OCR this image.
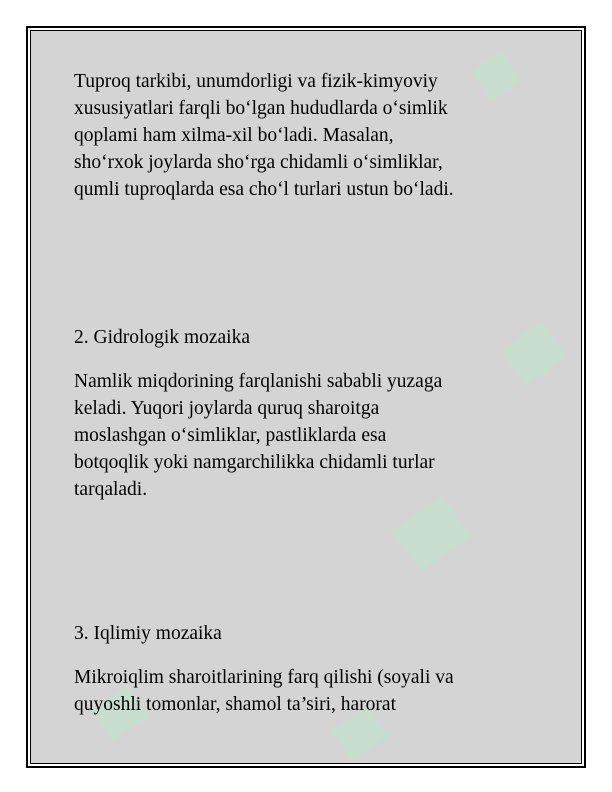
Tuproq tarkibi, unumdorligi va fizik-kimyoviy
xususiyatlari farqli bo‘lgan hududlarda o‘simlik
qoplami ham xilma-xil bo‘ladi. Masalan,
sho‘rxok joylarda sho‘rga chidamli o‘simliklar,
qumli tuproqlarda esa cho‘l turlari ustun bo‘ladi.
2. Gidrologik mozaika
Namlik miqdorining farqlanishi sababli yuzaga
keladi. Yuqori joylarda quruq sharoitga
moslashgan o‘simliklar, pastliklarda esa
botqoqlik yoki namgarchilikka chidamli turlar
tarqaladi.
3. Iqlimiy mozaika
Mikroiqlim sharoitlarining farq qilishi (soyali va
quyoshli tomonlar, shamol ta’siri, harorat
